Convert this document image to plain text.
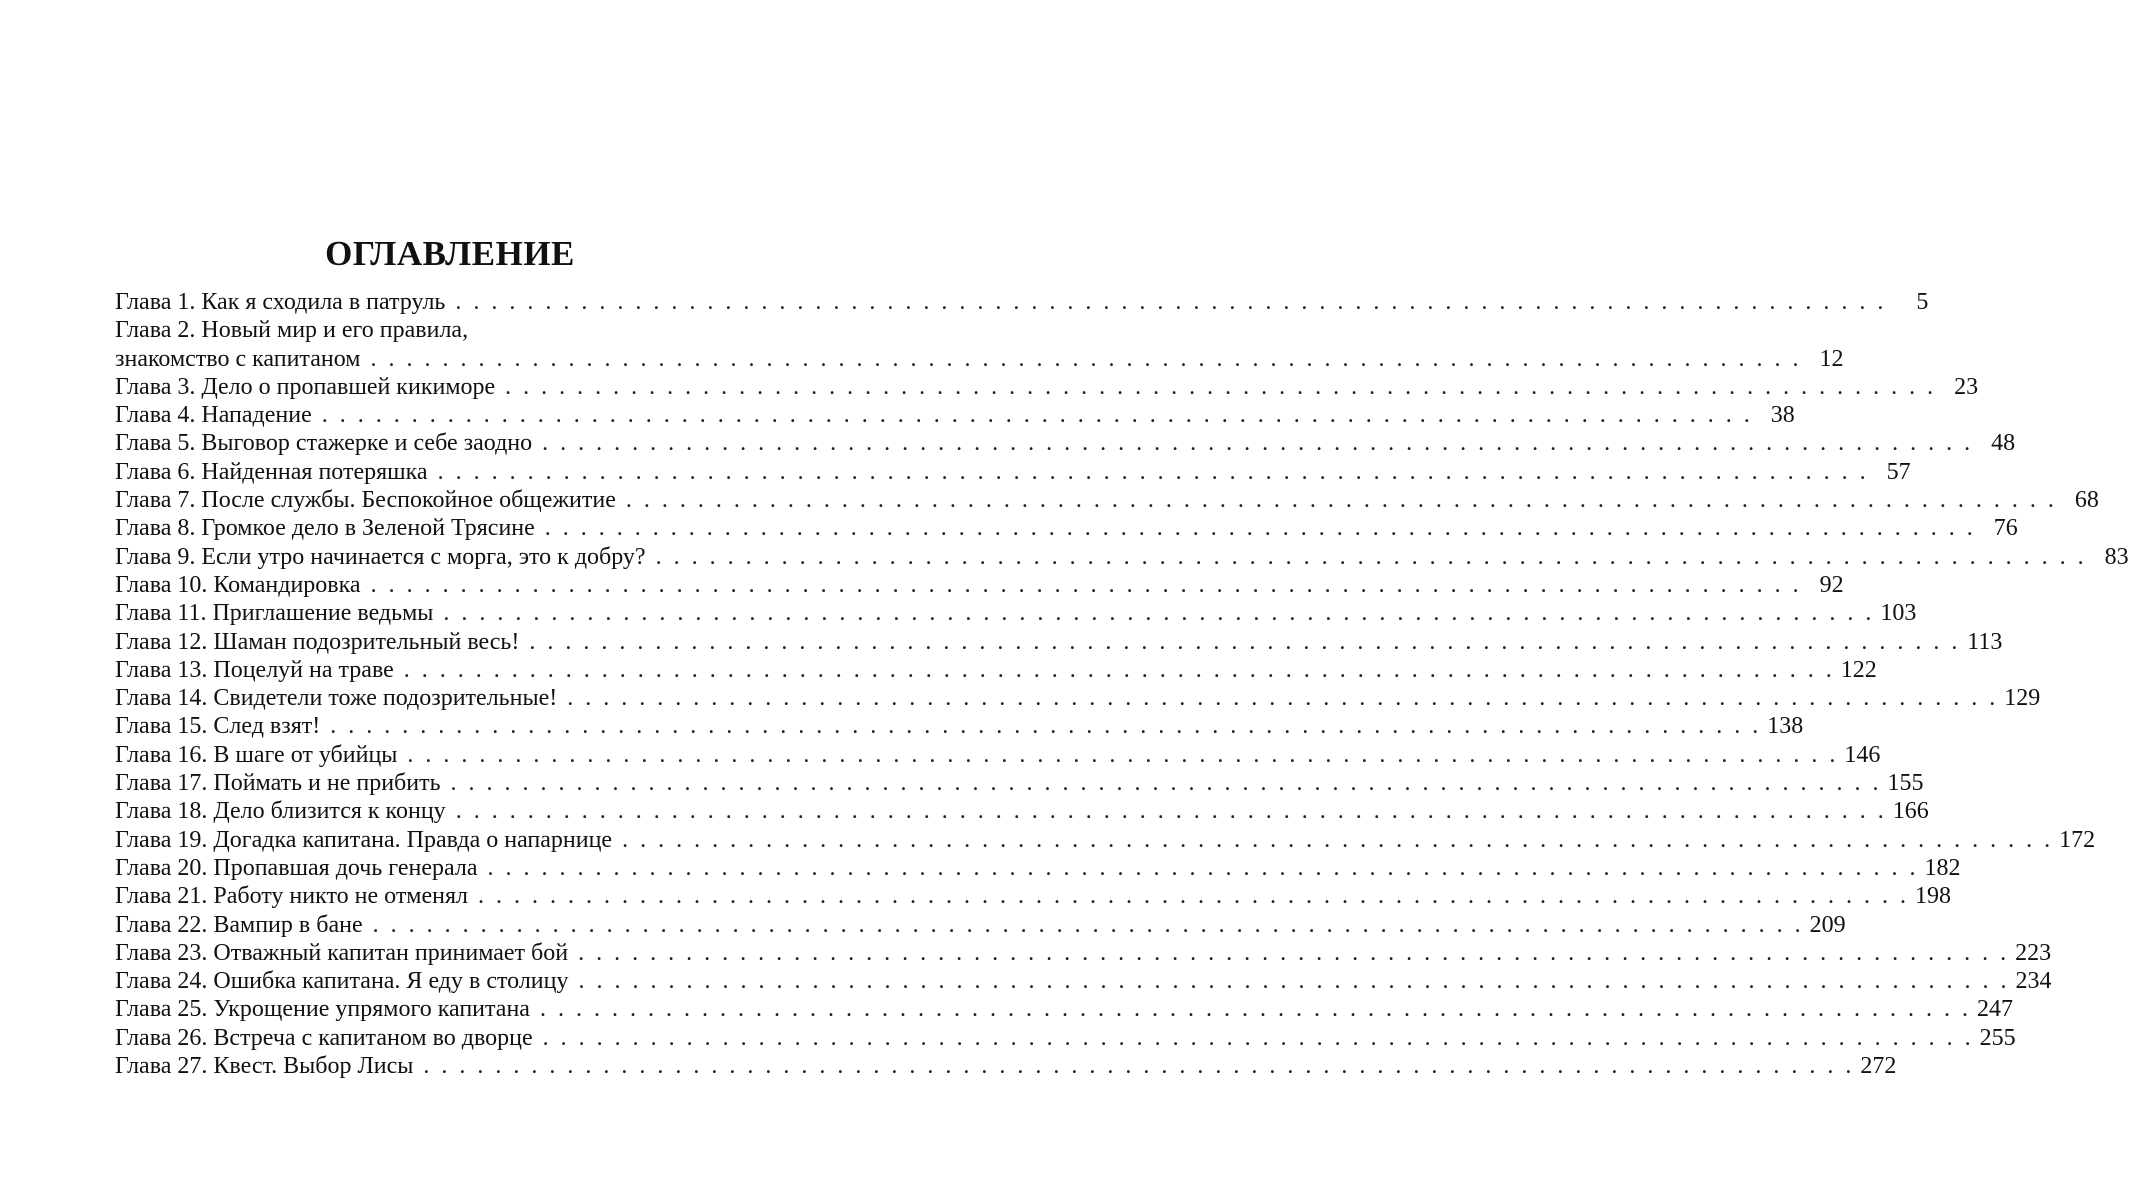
ОГЛАВЛЕНИЕ
Глава 1. Как я сходила в патруль . . . . . . . . . . . . . . . . . . . . . . . . . . . . . . . . . . . . . . . . . . . . . . . . . . . . . . . . . . . . . . . . . . . . . . . . . . . . . . . .	5
Глава 2. Новый мир и его правила,
знакомство с капитаном . . . . . . . . . . . . . . . . . . . . . . . . . . . . . . . . . . . . . . . . . . . . . . . . . . . . . . . . . . . . . . . . . . . . . . . . . . . . . . . . 12
Глава 3. Дело о пропавшей кикиморе . . . . . . . . . . . . . . . . . . . . . . . . . . . . . . . . . . . . . . . . . . . . . . . . . . . . . . . . . . . . . . . . . . . . . . . . . . . . . . . . 23
Глава 4. Нападение . . . . . . . . . . . . . . . . . . . . . . . . . . . . . . . . . . . . . . . . . . . . . . . . . . . . . . . . . . . . . . . . . . . . . . . . . . . . . . . . 38
Глава 5. Выговор стажерке и себе заодно . . . . . . . . . . . . . . . . . . . . . . . . . . . . . . . . . . . . . . . . . . . . . . . . . . . . . . . . . . . . . . . . . . . . . . . . . . . . . . . . 48
Глава 6. Найденная потеряшка . . . . . . . . . . . . . . . . . . . . . . . . . . . . . . . . . . . . . . . . . . . . . . . . . . . . . . . . . . . . . . . . . . . . . . . . . . . . . . . . 57
Глава 7. После службы. Беспокойное общежитие . . . . . . . . . . . . . . . . . . . . . . . . . . . . . . . . . . . . . . . . . . . . . . . . . . . . . . . . . . . . . . . . . . . . . . . . . . . . . . . . 68
Глава 8. Громкое дело в Зеленой Трясине . . . . . . . . . . . . . . . . . . . . . . . . . . . . . . . . . . . . . . . . . . . . . . . . . . . . . . . . . . . . . . . . . . . . . . . . . . . . . . . . 76
Глава 9. Если утро начинается с морга, это к добру? . . . . . . . . . . . . . . . . . . . . . . . . . . . . . . . . . . . . . . . . . . . . . . . . . . . . . . . . . . . . . . . . . . . . . . . . . . . . . . . . 83
Глава 10. Командировка . . . . . . . . . . . . . . . . . . . . . . . . . . . . . . . . . . . . . . . . . . . . . . . . . . . . . . . . . . . . . . . . . . . . . . . . . . . . . . . . 92
Глава 11. Приглашение ведьмы . . . . . . . . . . . . . . . . . . . . . . . . . . . . . . . . . . . . . . . . . . . . . . . . . . . . . . . . . . . . . . . . . . . . . . . . . . . . . . . . 103
Глава 12. Шаман подозрительный весь! . . . . . . . . . . . . . . . . . . . . . . . . . . . . . . . . . . . . . . . . . . . . . . . . . . . . . . . . . . . . . . . . . . . . . . . . . . . . . . . . 113
Глава 13. Поцелуй на траве . . . . . . . . . . . . . . . . . . . . . . . . . . . . . . . . . . . . . . . . . . . . . . . . . . . . . . . . . . . . . . . . . . . . . . . . . . . . . . . . 122
Глава 14. Свидетели тоже подозрительные! . . . . . . . . . . . . . . . . . . . . . . . . . . . . . . . . . . . . . . . . . . . . . . . . . . . . . . . . . . . . . . . . . . . . . . . . . . . . . . . . 129
Глава 15. След взят! . . . . . . . . . . . . . . . . . . . . . . . . . . . . . . . . . . . . . . . . . . . . . . . . . . . . . . . . . . . . . . . . . . . . . . . . . . . . . . . . 138
Глава 16. В шаге от убийцы . . . . . . . . . . . . . . . . . . . . . . . . . . . . . . . . . . . . . . . . . . . . . . . . . . . . . . . . . . . . . . . . . . . . . . . . . . . . . . . . 146
Глава 17. Поймать и не прибить . . . . . . . . . . . . . . . . . . . . . . . . . . . . . . . . . . . . . . . . . . . . . . . . . . . . . . . . . . . . . . . . . . . . . . . . . . . . . . . . 155
Глава 18. Дело близится к концу . . . . . . . . . . . . . . . . . . . . . . . . . . . . . . . . . . . . . . . . . . . . . . . . . . . . . . . . . . . . . . . . . . . . . . . . . . . . . . . . 166
Глава 19. Догадка капитана. Правда о напарнице . . . . . . . . . . . . . . . . . . . . . . . . . . . . . . . . . . . . . . . . . . . . . . . . . . . . . . . . . . . . . . . . . . . . . . . . . . . . . . . . 172
Глава 20. Пропавшая дочь генерала . . . . . . . . . . . . . . . . . . . . . . . . . . . . . . . . . . . . . . . . . . . . . . . . . . . . . . . . . . . . . . . . . . . . . . . . . . . . . . . . 182
Глава 21. Работу никто не отменял . . . . . . . . . . . . . . . . . . . . . . . . . . . . . . . . . . . . . . . . . . . . . . . . . . . . . . . . . . . . . . . . . . . . . . . . . . . . . . . . 198
Глава 22. Вампир в бане . . . . . . . . . . . . . . . . . . . . . . . . . . . . . . . . . . . . . . . . . . . . . . . . . . . . . . . . . . . . . . . . . . . . . . . . . . . . . . . . 209
Глава 23. Отважный капитан принимает бой . . . . . . . . . . . . . . . . . . . . . . . . . . . . . . . . . . . . . . . . . . . . . . . . . . . . . . . . . . . . . . . . . . . . . . . . . . . . . . . . 223
Глава 24. Ошибка капитана. Я еду в столицу . . . . . . . . . . . . . . . . . . . . . . . . . . . . . . . . . . . . . . . . . . . . . . . . . . . . . . . . . . . . . . . . . . . . . . . . . . . . . . . . 234
Глава 25. Укрощение упрямого капитана . . . . . . . . . . . . . . . . . . . . . . . . . . . . . . . . . . . . . . . . . . . . . . . . . . . . . . . . . . . . . . . . . . . . . . . . . . . . . . . . 247
Глава 26. Встреча с капитаном во дворце . . . . . . . . . . . . . . . . . . . . . . . . . . . . . . . . . . . . . . . . . . . . . . . . . . . . . . . . . . . . . . . . . . . . . . . . . . . . . . . . 255
Глава 27. Квест. Выбор Лисы . . . . . . . . . . . . . . . . . . . . . . . . . . . . . . . . . . . . . . . . . . . . . . . . . . . . . . . . . . . . . . . . . . . . . . . . . . . . . . . . 272
